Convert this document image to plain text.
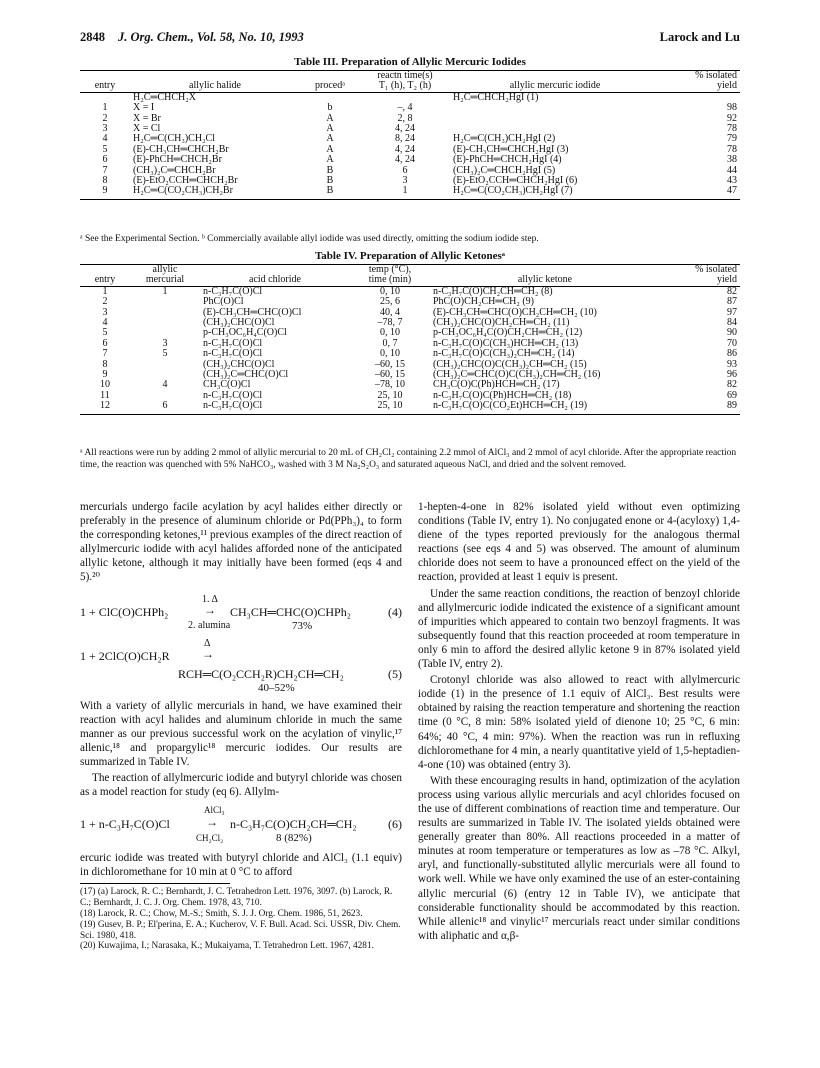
2848 J. Org. Chem., Vol. 58, No. 10, 1993	Larock and Lu
Table III. Preparation of Allylic Mercuric Iodides
			reactn time(s)		% isolated
entry	allylic halide	procedᵃ	T₁ (h), T₂ (h)	allylic mercuric iodide	yield
	H₂C═CHCH₂X			H₂C═CHCH₂HgI (1)	
1	X = I	b	–, 4		98
2	X = Br	A	2, 8		92
3	X = Cl	A	4, 24		78
4	H₂C═C(CH₃)CH₂Cl	A	8, 24	H₂C═C(CH₃)CH₂HgI (2)	79
5	(E)-CH₃CH═CHCH₂Br	A	4, 24	(E)-CH₃CH═CHCH₂HgI (3)	78
6	(E)-PhCH═CHCH₂Br	A	4, 24	(E)-PhCH═CHCH₂HgI (4)	38
7	(CH₃)₂C═CHCH₂Br	B	6	(CH₃)₂C═CHCH₂HgI (5)	44
8	(E)-EtO₂CCH═CHCH₂Br	B	3	(E)-EtO₂CCH═CHCH₂HgI (6)	43
9	H₂C═C(CO₂CH₃)CH₂Br	B	1	H₂C═C(CO₂CH₃)CH₂HgI (7)	47
ᵃ See the Experimental Section. ᵇ Commercially available allyl iodide was used directly, omitting the sodium iodide step.
Table IV. Preparation of Allylic Ketonesᵃ
	allylic		temp (°C),		% isolated
entry	mercurial	acid chloride	time (min)	allylic ketone	yield
1	1	n-C₃H₇C(O)Cl	0, 10	n-C₃H₇C(O)CH₂CH═CH₂ (8)	82
2		PhC(O)Cl	25, 6	PhC(O)CH₂CH═CH₂ (9)	87
3		(E)-CH₃CH═CHC(O)Cl	40, 4	(E)-CH₃CH═CHC(O)CH₂CH═CH₂ (10)	97
4		(CH₃)₂CHC(O)Cl	–78, 7	(CH₃)₂CHC(O)CH₂CH═CH₂ (11)	84
5		p-CH₃OC₆H₄C(O)Cl	0, 10	p-CH₃OC₆H₄C(O)CH₂CH═CH₂ (12)	90
6	3	n-C₃H₇C(O)Cl	0, 7	n-C₃H₇C(O)C(CH₃)HCH═CH₂ (13)	70
7	5	n-C₃H₇C(O)Cl	0, 10	n-C₃H₇C(O)C(CH₃)₂CH═CH₂ (14)	86
8		(CH₃)₂CHC(O)Cl	–60, 15	(CH₃)₂CHC(O)C(CH₃)₂CH═CH₂ (15)	93
9		(CH₃)₂C═CHC(O)Cl	–60, 15	(CH₃)₂C═CHC(O)C(CH₃)₂CH═CH₂ (16)	96
10	4	CH₃C(O)Cl	–78, 10	CH₃C(O)C(Ph)HCH═CH₂ (17)	82
11		n-C₃H₇C(O)Cl	25, 10	n-C₃H₇C(O)C(Ph)HCH═CH₂ (18)	69
12	6	n-C₃H₇C(O)Cl	25, 10	n-C₃H₇C(O)C(CO₂Et)HCH═CH₂ (19)	89
ᵃ All reactions were run by adding 2 mmol of allylic mercurial to 20 mL of CH₂Cl₂ containing 2.2 mmol of AlCl₃ and 2 mmol of acyl chloride. After the appropriate reaction time, the reaction was quenched with 5% NaHCO₃, washed with 3 M Na₂S₂O₃ and saturated aqueous NaCl, and dried and the solvent removed.

mercurials undergo facile acylation by acyl halides either directly or preferably in the presence of aluminum chloride or Pd(PPh₃)₄ to form the corresponding ketones,¹¹ previous examples of the direct reaction of allylmercuric iodide with acyl halides afforded none of the anticipated allylic ketone, although it may initially have been formed (eqs 4 and 5).²⁰

1 + ClC(O)CHPh₂
1. Δ
→
2. alumina
CH₃CH═CHC(O)CHPh₂
73%
(4)
1 + 2ClC(O)CH₂R
Δ
→
RCH═C(O₂CCH₂R)CH₂CH═CH₂
40–52%
(5)

With a variety of allylic mercurials in hand, we have examined their reaction with acyl halides and aluminum chloride in much the same manner as our previous successful work on the acylation of vinylic,¹⁷ allenic,¹⁸ and propargylic¹⁸ mercuric iodides. Our results are summarized in Table IV.

The reaction of allylmercuric iodide and butyryl chloride was chosen as a model reaction for study (eq 6). Allylm-

AlCl₃
1 + n-C₃H₇C(O)Cl	→
CH₂Cl₂
n-C₃H₇C(O)CH₂CH═CH₂
8 (82%)
(6)

ercuric iodide was treated with butyryl chloride and AlCl₃ (1.1 equiv) in dichloromethane for 10 min at 0 °C to afford

(17) (a) Larock, R. C.; Bernhardt, J. C. Tetrahedron Lett. 1976, 3097. (b) Larock, R. C.; Bernhardt, J. C. J. Org. Chem. 1978, 43, 710.
(18) Larock, R. C.; Chow, M.-S.; Smith, S. J. J. Org. Chem. 1986, 51, 2623.
(19) Gusev, B. P.; El'perina, E. A.; Kucherov, V. F. Bull. Acad. Sci. USSR, Div. Chem. Sci. 1980, 418.
(20) Kuwajima, I.; Narasaka, K.; Mukaiyama, T. Tetrahedron Lett. 1967, 4281.

1-hepten-4-one in 82% isolated yield without even optimizing conditions (Table IV, entry 1). No conjugated enone or 4-(acyloxy) 1,4-diene of the types reported previously for the analogous thermal reactions (see eqs 4 and 5) was observed. The amount of aluminum chloride does not seem to have a pronounced effect on the yield of the reaction, provided at least 1 equiv is present.

Under the same reaction conditions, the reaction of benzoyl chloride and allylmercuric iodide indicated the existence of a significant amount of impurities which appeared to contain two benzoyl fragments. It was subsequently found that this reaction proceeded at room temperature in only 6 min to afford the desired allylic ketone 9 in 87% isolated yield (Table IV, entry 2).

Crotonyl chloride was also allowed to react with allylmercuric iodide (1) in the presence of 1.1 equiv of AlCl₃. Best results were obtained by raising the reaction temperature and shortening the reaction time (0 °C, 8 min: 58% isolated yield of dienone 10; 25 °C, 6 min: 64%; 40 °C, 4 min: 97%). When the reaction was run in refluxing dichloromethane for 4 min, a nearly quantitative yield of 1,5-heptadien-4-one (10) was obtained (entry 3).

With these encouraging results in hand, optimization of the acylation process using various allylic mercurials and acyl chlorides focused on the use of different combinations of reaction time and temperature. Our results are summarized in Table IV. The isolated yields obtained were generally greater than 80%. All reactions proceeded in a matter of minutes at room temperature or temperatures as low as –78 °C. Alkyl, aryl, and functionally-substituted allylic mercurials were all found to work well. While we have only examined the use of an ester-containing allylic mercurial (6) (entry 12 in Table IV), we anticipate that considerable functionality should be accommodated by this reaction. While allenic¹⁸ and vinylic¹⁷ mercurials react under similar conditions with aliphatic and α,β-
